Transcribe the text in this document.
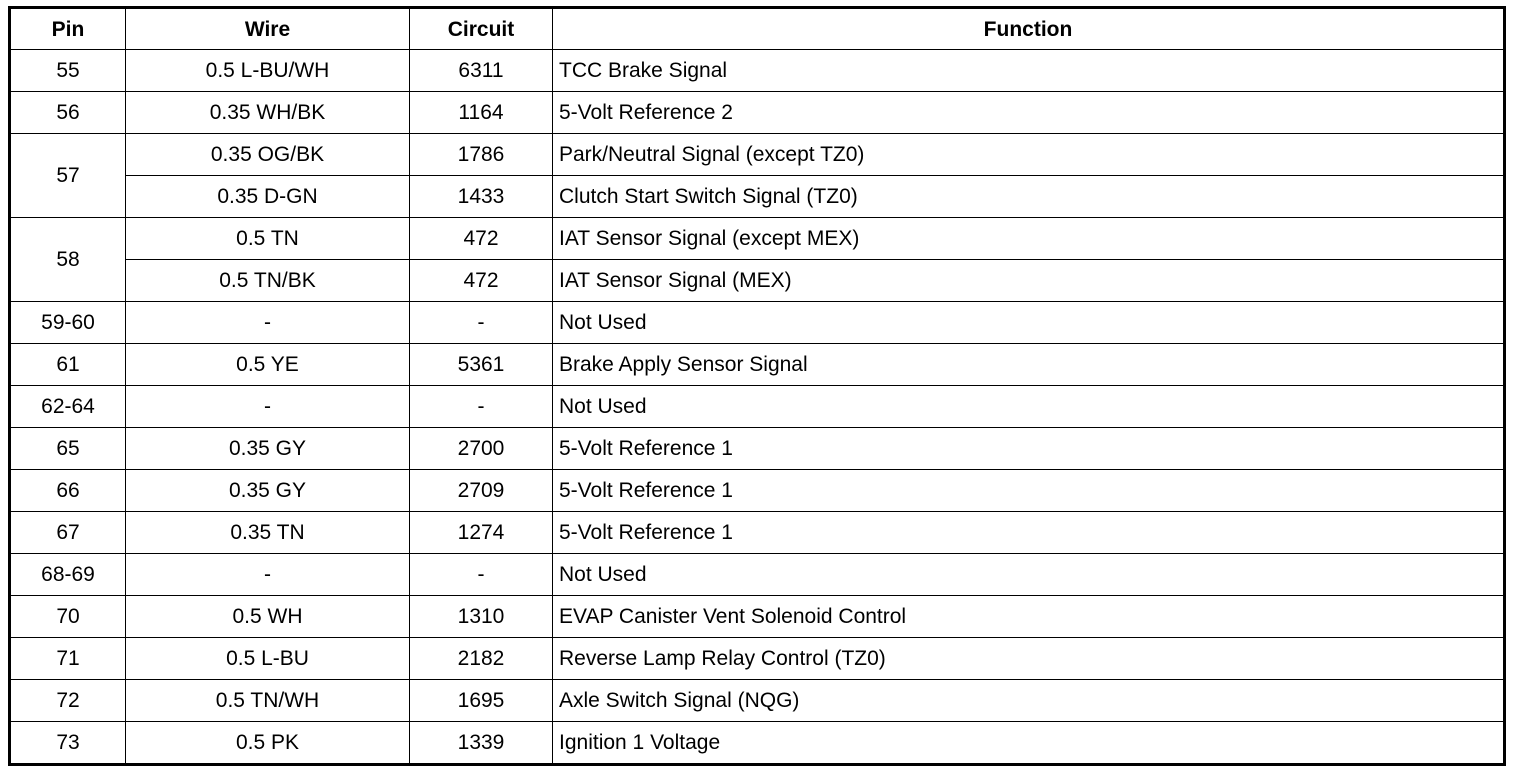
Pin	Wire	Circuit	Function
55	0.5 L-BU/WH	6311	TCC Brake Signal
56	0.35 WH/BK	1164	5-Volt Reference 2
57	0.35 OG/BK	1786	Park/Neutral Signal (except TZ0)
	0.35 D-GN	1433	Clutch Start Switch Signal (TZ0)
58	0.5 TN	472	IAT Sensor Signal (except MEX)
	0.5 TN/BK	472	IAT Sensor Signal (MEX)
59-60	-	-	Not Used
61	0.5 YE	5361	Brake Apply Sensor Signal
62-64	-	-	Not Used
65	0.35 GY	2700	5-Volt Reference 1
66	0.35 GY	2709	5-Volt Reference 1
67	0.35 TN	1274	5-Volt Reference 1
68-69	-	-	Not Used
70	0.5 WH	1310	EVAP Canister Vent Solenoid Control
71	0.5 L-BU	2182	Reverse Lamp Relay Control (TZ0)
72	0.5 TN/WH	1695	Axle Switch Signal (NQG)
73	0.5 PK	1339	Ignition 1 Voltage
